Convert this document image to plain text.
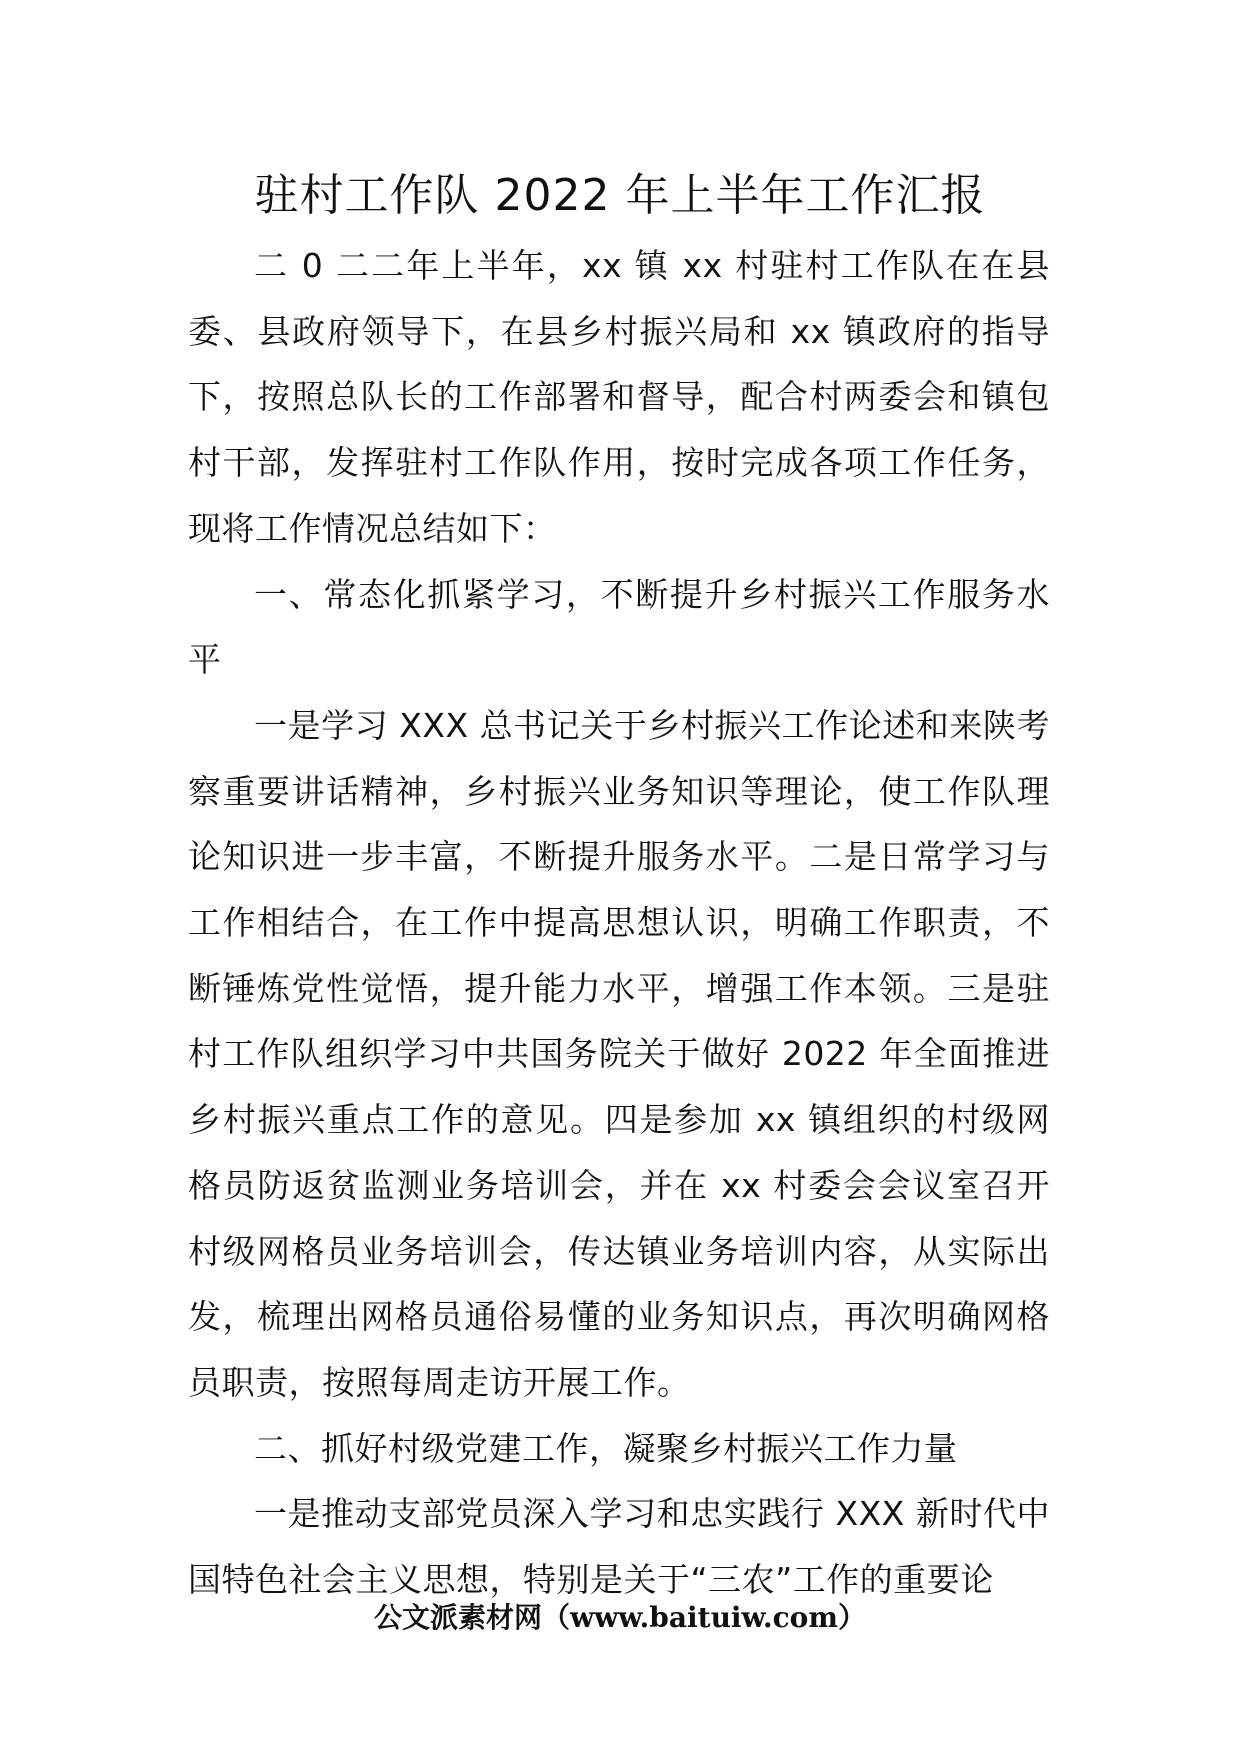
驻村工作队 2022 年上半年工作汇报

二 0 二二年上半年，xx 镇 xx 村驻村工作队在在县委、县政府领导下，在县乡村振兴局和 xx 镇政府的指导下，按照总队长的工作部署和督导，配合村两委会和镇包村干部，发挥驻村工作队作用，按时完成各项工作任务，现将工作情况总结如下：

一、常态化抓紧学习，不断提升乡村振兴工作服务水平

一是学习 XXX 总书记关于乡村振兴工作论述和来陕考察重要讲话精神，乡村振兴业务知识等理论，使工作队理论知识进一步丰富，不断提升服务水平。二是日常学习与工作相结合，在工作中提高思想认识，明确工作职责，不断锤炼党性觉悟，提升能力水平，增强工作本领。三是驻村工作队组织学习中共国务院关于做好 2022 年全面推进乡村振兴重点工作的意见。四是参加 xx 镇组织的村级网格员防返贫监测业务培训会，并在 xx 村委会会议室召开村级网格员业务培训会，传达镇业务培训内容，从实际出发，梳理出网格员通俗易懂的业务知识点，再次明确网格员职责，按照每周走访开展工作。

二、抓好村级党建工作，凝聚乡村振兴工作力量

一是推动支部党员深入学习和忠实践行 XXX 新时代中国特色社会主义思想，特别是关于“三农”工作的重要论

公文派素材网（www.baituiw.com）
